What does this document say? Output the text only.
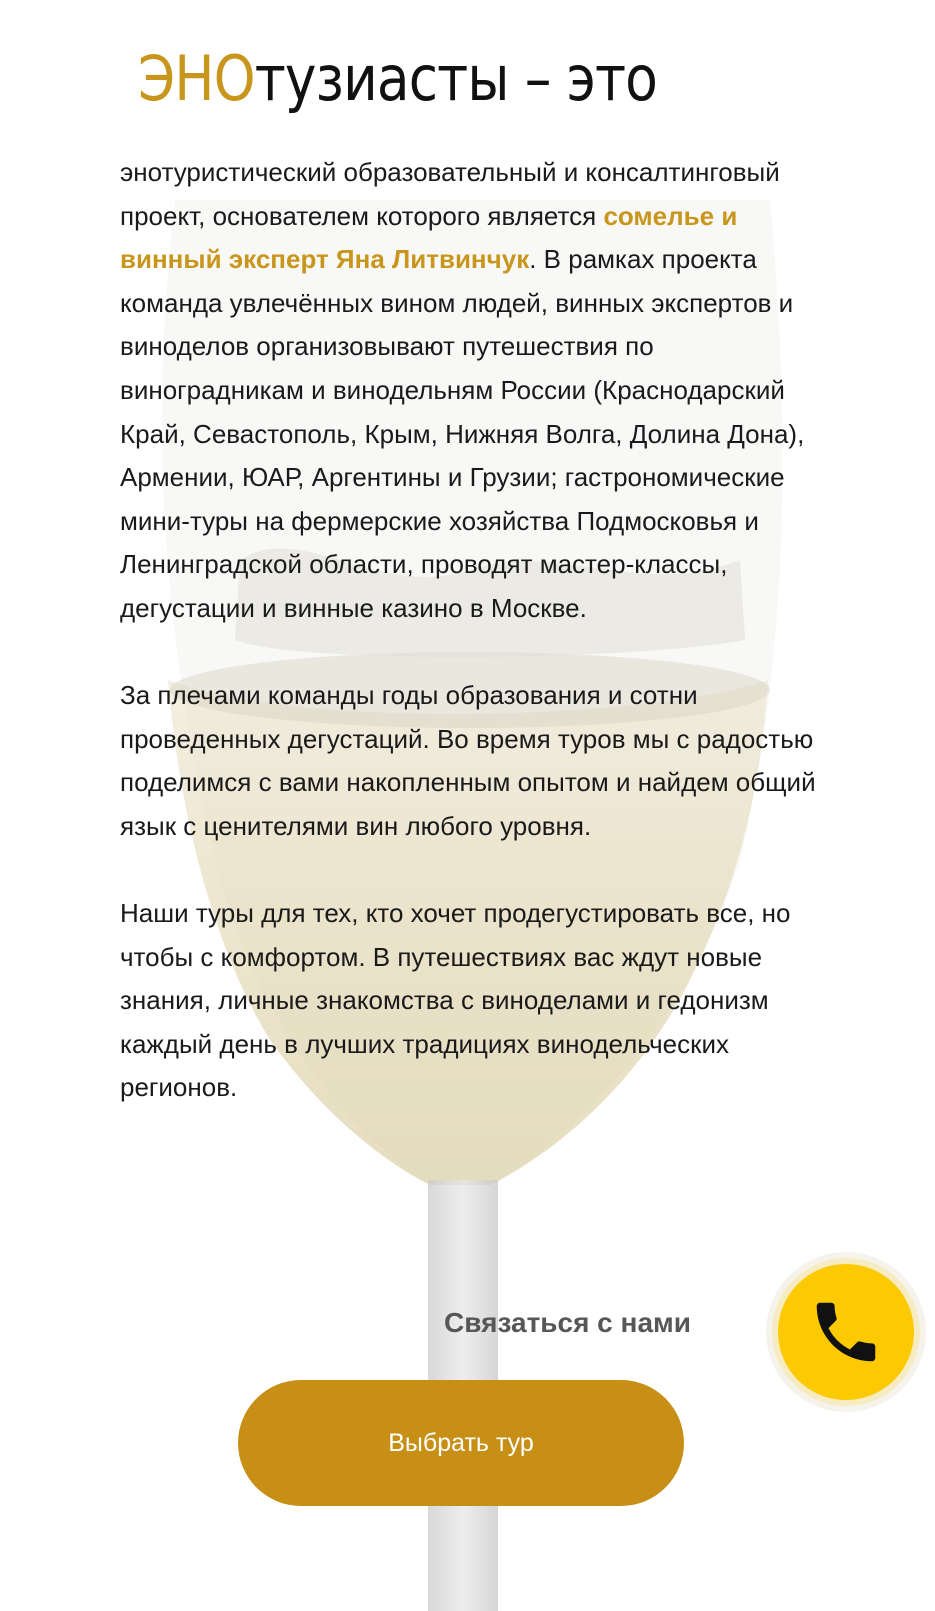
ЭНОтузиасты – это

энотуристический образовательный и консалтинговый проект, основателем которого является сомелье и винный эксперт Яна Литвинчук. В рамках проекта команда увлечённых вином людей, винных экспертов и виноделов организовывают путешествия по виноградникам и винодельням России (Краснодарский Край, Севастополь, Крым, Нижняя Волга, Долина Дона), Армении, ЮАР, Аргентины и Грузии; гастрономические мини-туры на фермерские хозяйства Подмосковья и Ленинградской области, проводят мастер-классы, дегустации и винные казино в Москве.

За плечами команды годы образования и сотни проведенных дегустаций. Во время туров мы с радостью поделимся с вами накопленным опытом и найдем общий язык с ценителями вин любого уровня.

Наши туры для тех, кто хочет продегустировать все, но чтобы с комфортом. В путешествиях вас ждут новые знания, личные знакомства с виноделами и гедонизм каждый день в лучших традициях винодельческих регионов.

Связаться с нами
Выбрать тур
